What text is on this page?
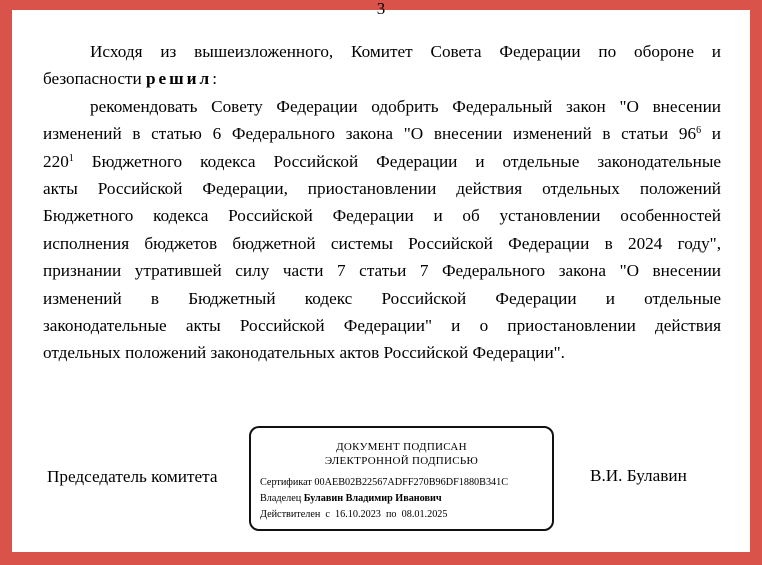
3

Исходя из вышеизложенного, Комитет Совета Федерации по обороне и
безопасности решил:

рекомендовать Совету Федерации одобрить Федеральный закон "О внесении
изменений в статью 6 Федерального закона "О внесении изменений в статьи $96^6$ и
$220^1$ Бюджетного кодекса Российской Федерации и отдельные законодательные
акты Российской Федерации, приостановлении действия отдельных положений
Бюджетного кодекса Российской Федерации и об установлении особенностей
исполнения бюджетов бюджетной системы Российской Федерации в 2024 году",
признании утратившей силу части 7 статьи 7 Федерального закона "О внесении
изменений в Бюджетный кодекс Российской Федерации и отдельные
законодательные акты Российской Федерации" и о приостановлении действия
отдельных положений законодательных актов Российской Федерации".

Председатель комитета
ДОКУМЕНТ ПОДПИСАН
ЭЛЕКТРОННОЙ ПОДПИСЬЮ
Сертификат 00AEB02B22567ADFF270B96DF1880B341C
Владелец Булавин Владимир Иванович
Действителен с 16.10.2023 по 08.01.2025
В.И. Булавин
